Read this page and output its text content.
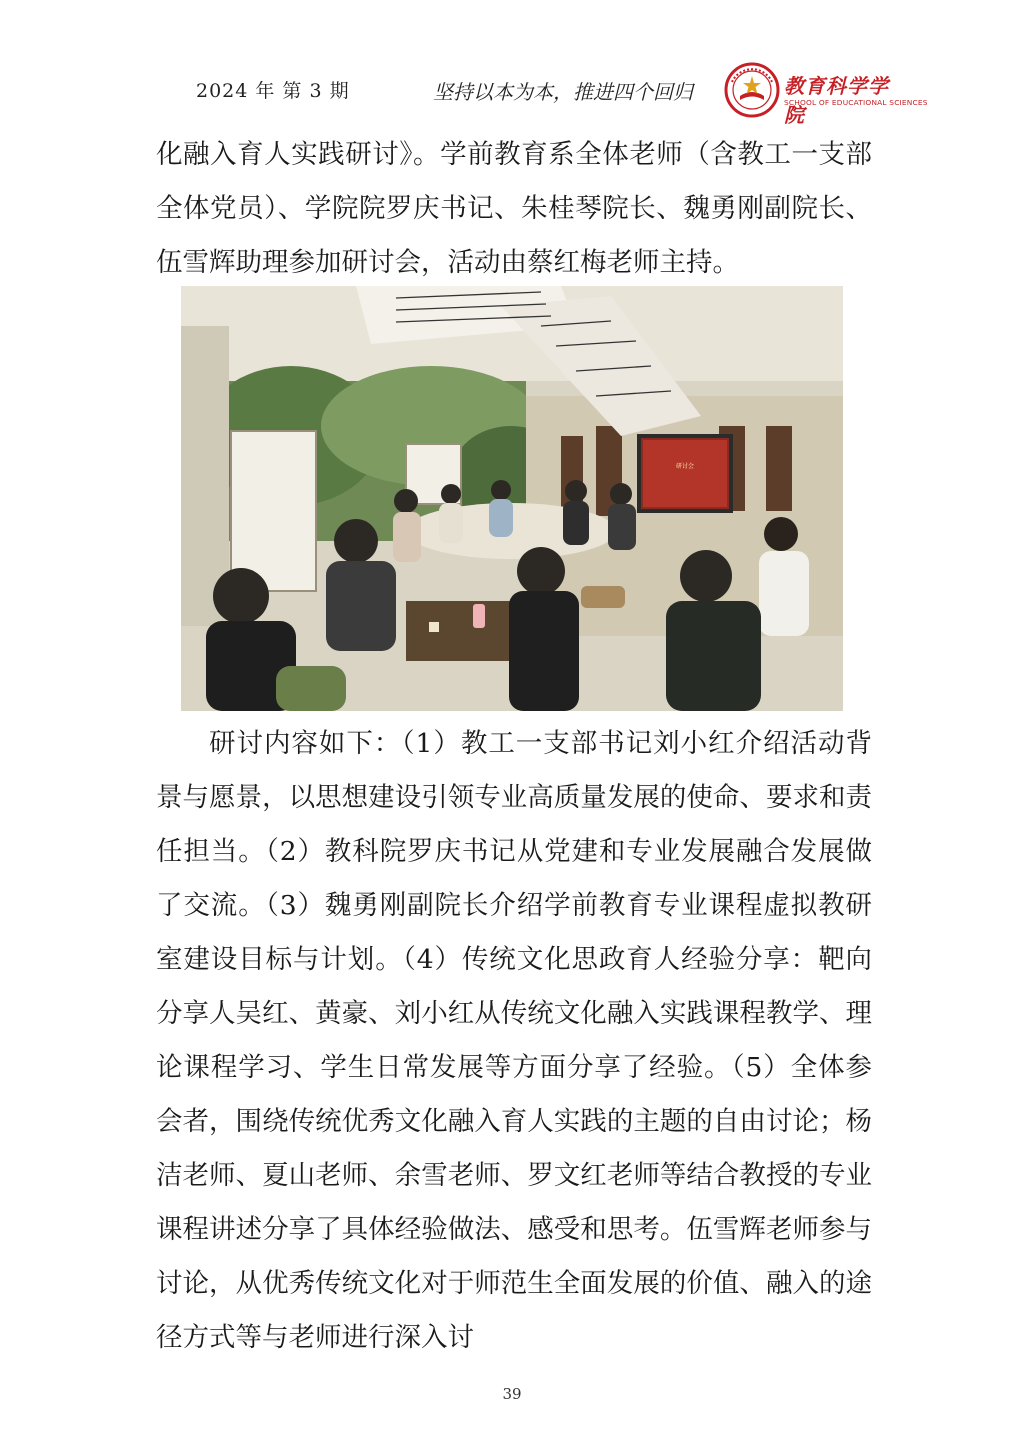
2024 年 第 3 期	坚持以本为本，推进四个回归	教育科学学院
SCHOOL OF EDUCATIONAL SCIENCES

化融入育人实践研讨》。学前教育系全体老师（含教工一支部全体党员）、学院院罗庆书记、朱桂琴院长、魏勇刚副院长、伍雪辉助理参加研讨会，活动由蔡红梅老师主持。

研讨会

研讨内容如下：（1）教工一支部书记刘小红介绍活动背景与愿景，以思想建设引领专业高质量发展的使命、要求和责任担当。（2）教科院罗庆书记从党建和专业发展融合发展做了交流。（3）魏勇刚副院长介绍学前教育专业课程虚拟教研室建设目标与计划。（4）传统文化思政育人经验分享：靶向分享人吴红、黄豪、刘小红从传统文化融入实践课程教学、理论课程学习、学生日常发展等方面分享了经验。（5）全体参会者，围绕传统优秀文化融入育人实践的主题的自由讨论；杨洁老师、夏山老师、余雪老师、罗文红老师等结合教授的专业课程讲述分享了具体经验做法、感受和思考。伍雪辉老师参与讨论，从优秀传统文化对于师范生全面发展的价值、融入的途径方式等与老师进行深入讨

39
